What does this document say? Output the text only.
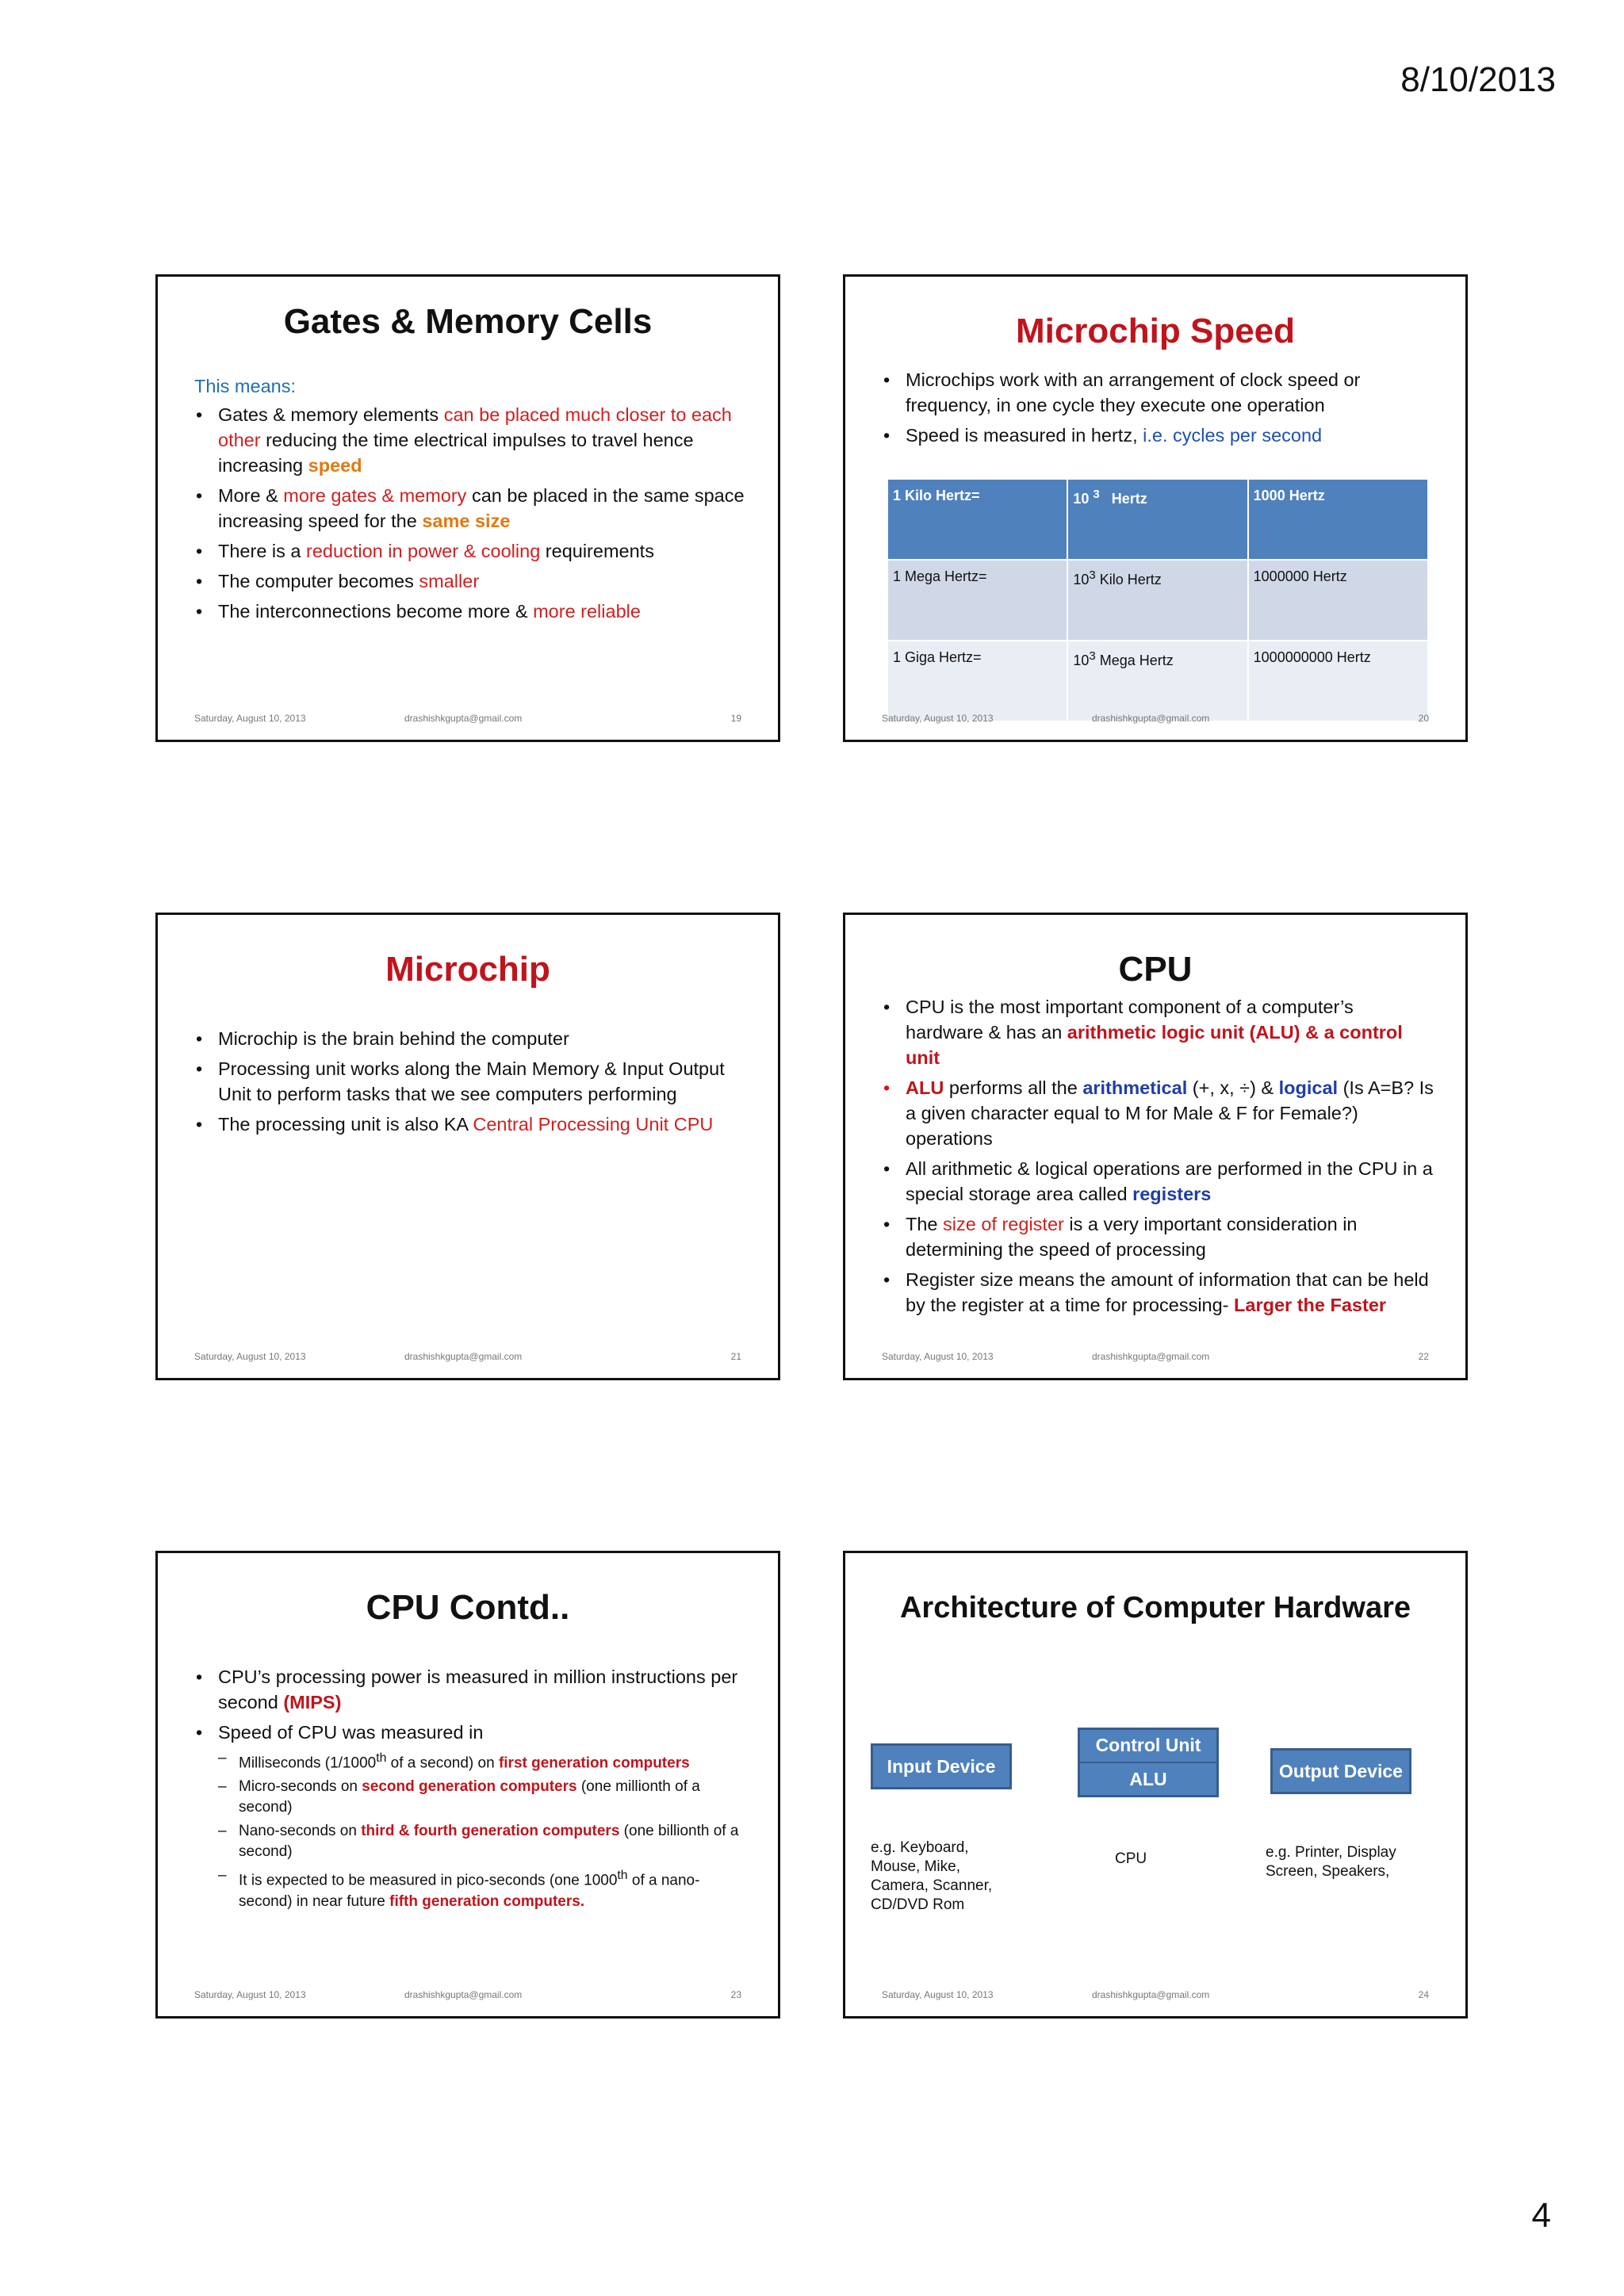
8/10/2013
Gates & Memory Cells
This means:
• Gates & memory elements can be placed much closer to each other reducing the time electrical impulses to travel hence increasing speed
• More & more gates & memory can be placed in the same space increasing speed for the same size
• There is a reduction in power & cooling requirements
• The computer becomes smaller
• The interconnections become more & more reliable
Saturday, August 10, 2013	drashishkgupta@gmail.com	19
Microchip Speed
• Microchips work with an arrangement of clock speed or frequency, in one cycle they execute one operation
• Speed is measured in hertz, i.e. cycles per second
1 Kilo Hertz=	10 $^3$ Hertz	1000 Hertz
1 Mega Hertz=	$10^3$ Kilo Hertz	1000000 Hertz
1 Giga Hertz=	$10^3$ Mega Hertz	1000000000 Hertz
Saturday, August 10, 2013	drashishkgupta@gmail.com	20
Microchip
• Microchip is the brain behind the computer
• Processing unit works along the Main Memory & Input Output Unit to perform tasks that we see computers performing
• The processing unit is also KA Central Processing Unit CPU
Saturday, August 10, 2013	drashishkgupta@gmail.com	21
CPU
• CPU is the most important component of a computer’s hardware & has an arithmetic logic unit (ALU) & a control unit
• ALU performs all the arithmetical (+, x, ÷) & logical (Is A=B? Is a given character equal to M for Male & F for Female?) operations
• All arithmetic & logical operations are performed in the CPU in a special storage area called registers
• The size of register is a very important consideration in determining the speed of processing
• Register size means the amount of information that can be held by the register at a time for processing- Larger the Faster
Saturday, August 10, 2013	drashishkgupta@gmail.com	22
CPU Contd..
• CPU’s processing power is measured in million instructions per second (MIPS)
• Speed of CPU was measured in
– Milliseconds (1/1000th of a second) on first generation computers
– Micro-seconds on second generation computers (one millionth of a second)
– Nano-seconds on third & fourth generation computers (one billionth of a second)
– It is expected to be measured in pico-seconds (one 1000th of a nano-second) in near future fifth generation computers.
Saturday, August 10, 2013	drashishkgupta@gmail.com	23
Architecture of Computer Hardware
Input Device
Control Unit
ALU	Output Device
e.g. Keyboard, Mouse, Mike, Camera, Scanner, CD/DVD Rom
CPU	e.g. Printer, Display Screen, Speakers,
Saturday, August 10, 2013	drashishkgupta@gmail.com	24
4
